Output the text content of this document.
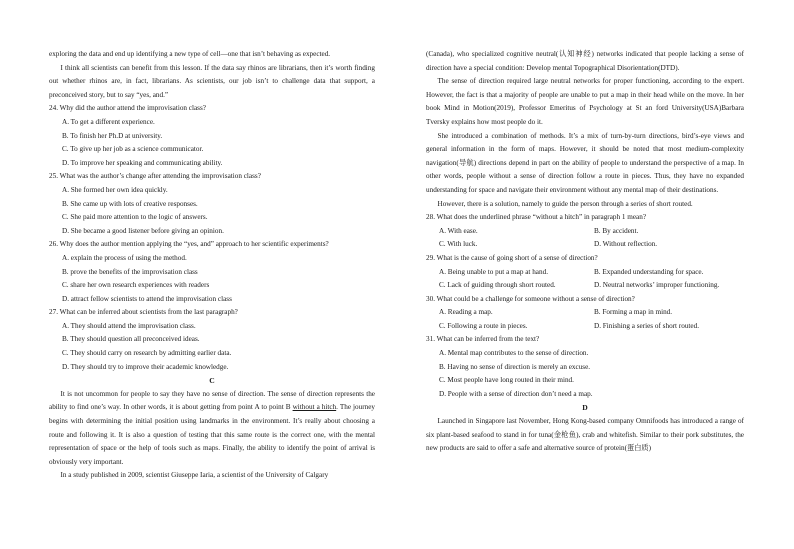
exploring the data and end up identifying a new type of cell—one that isn’t behaving as expected.

I think all scientists can benefit from this lesson. If the data say rhinos are librarians, then it’s worth finding out whether rhinos are, in fact, librarians. As scientists, our job isn’t to challenge data that support, a preconceived story, but to say “yes, and.”

24. Why did the author attend the improvisation class?

A. To get a different experience.

B. To finish her Ph.D at university.

C. To give up her job as a science communicator.

D. To improve her speaking and communicating ability.

25. What was the author’s change after attending the improvisation class?

A. She formed her own idea quickly.

B. She came up with lots of creative responses.

C. She paid more attention to the logic of answers.

D. She became a good listener before giving an opinion.

26. Why does the author mention applying the “yes, and” approach to her scientific experiments?

A. explain the process of using the method.

B. prove the benefits of the improvisation class

C. share her own research experiences with readers

D. attract fellow scientists to attend the improvisation class

27. What can be inferred about scientists from the last paragraph?

A. They should attend the improvisation class.

B. They should question all preconceived ideas.

C. They should carry on research by admitting earlier data.

D. They should try to improve their academic knowledge.

C

It is not uncommon for people to say they have no sense of direction. The sense of direction represents the ability to find one’s way. In other words, it is about getting from point A to point B without a hitch. The journey begins with determining the initial position using landmarks in the environment. It’s really about choosing a route and following it. It is also a question of testing that this same route is the correct one, with the mental representation of space or the help of tools such as maps. Finally, the ability to identify the point of arrival is obviously very important.

In a study published in 2009, scientist Giuseppe Iaria, a scientist of the University of Calgary

(Canada), who specialized cognitive neutral(认知神经) networks indicated that people lacking a sense of direction have a special condition: Develop mental Topographical Disorientation(DTD).

The sense of direction required large neutral networks for proper functioning, according to the expert. However, the fact is that a majority of people are unable to put a map in their head while on the move. In her book Mind in Motion(2019), Professor Emeritus of Psychology at St an ford University(USA)Barbara Tversky explains how most people do it.

She introduced a combination of methods. It’s a mix of turn-by-turn directions, bird’s-eye views and general information in the form of maps. However, it should be noted that most medium-complexity navigation(导航) directions depend in part on the ability of people to understand the perspective of a map. In other words, people without a sense of direction follow a route in pieces. Thus, they have no expanded understanding for space and navigate their environment without any mental map of their destinations.

However, there is a solution, namely to guide the person through a series of short routed.

28. What does the underlined phrase “without a hitch” in paragraph 1 mean?

A. With ease.	B. By accident.
C. With luck.	D. Without reflection.

29. What is the cause of going short of a sense of direction?

A. Being unable to put a map at hand.	B. Expanded understanding for space.
C. Lack of guiding through short routed.	D. Neutral networks’ improper functioning.

30. What could be a challenge for someone without a sense of direction?

A. Reading a map.	B. Forming a map in mind.
C. Following a route in pieces.	D. Finishing a series of short routed.

31. What can be inferred from the text?

A. Mental map contributes to the sense of direction.

B. Having no sense of direction is merely an excuse.

C. Most people have long routed in their mind.

D. People with a sense of direction don’t need a map.

D

Launched in Singapore last November, Hong Kong-based company Omnifoods has introduced a range of six plant-based seafood to stand in for tuna(金枪鱼), crab and whitefish. Similar to their pork substitutes, the new products are said to offer a safe and alternative source of protein(蛋白质)
